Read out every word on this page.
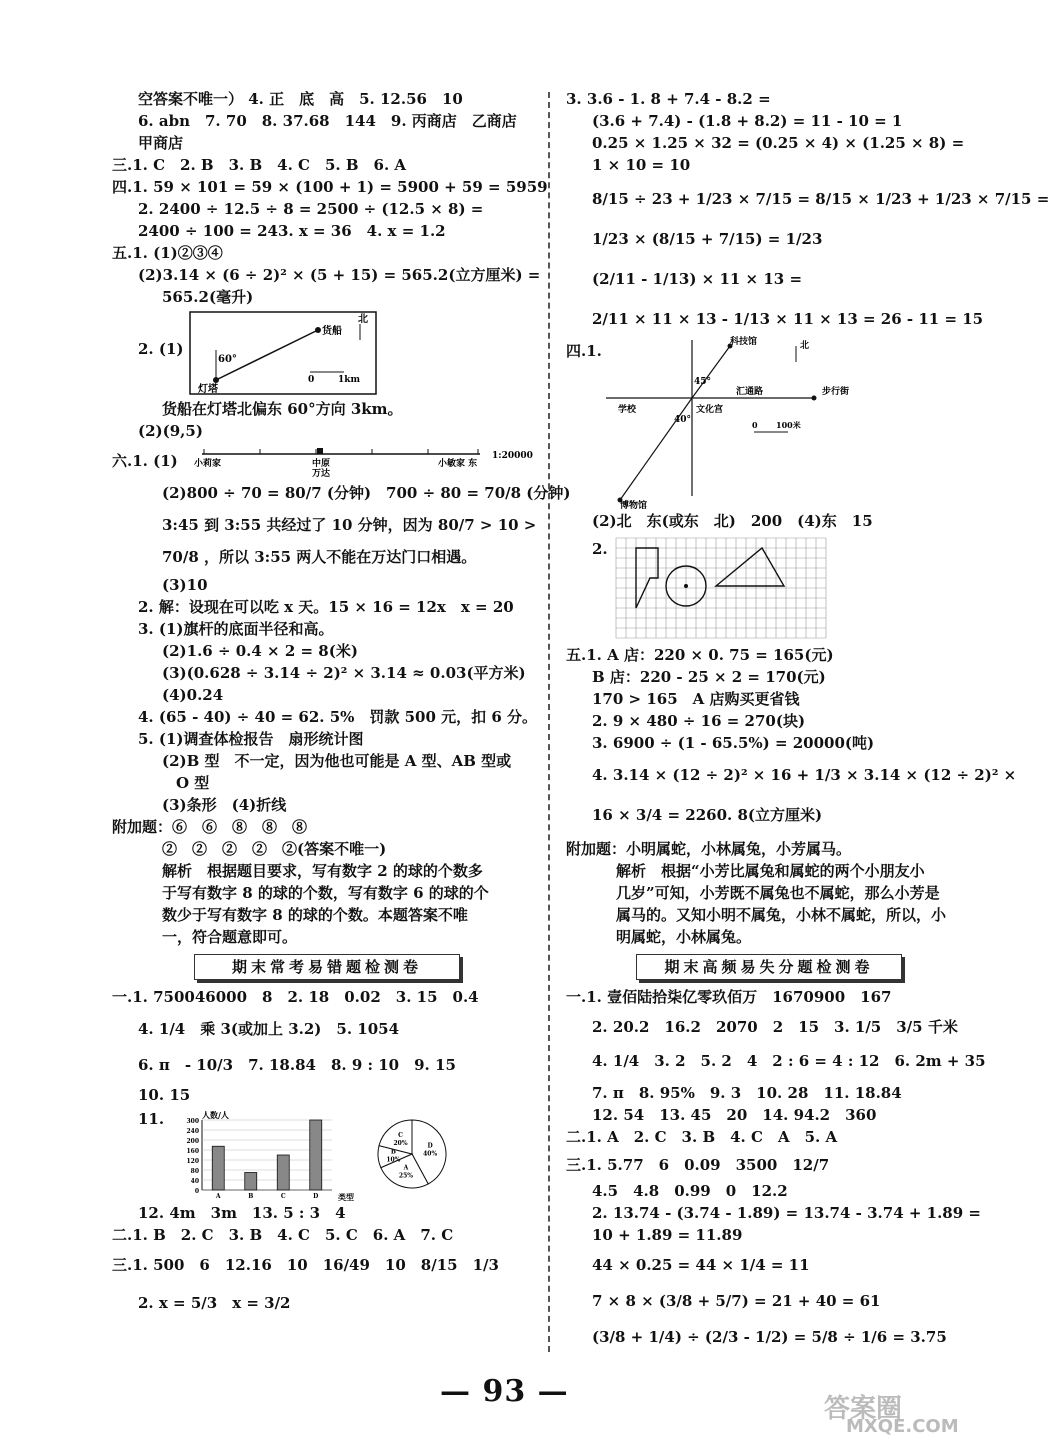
空答案不唯一） 4. 正　底　高　5. 12.56　10
6. abn　7. 70　8. 37.68　144　9. 丙商店　乙商店
甲商店
三.1. C　2. B　3. B　4. C　5. B　6. A
四.1. 59 × 101 = 59 × (100 + 1) = 5900 + 59 = 5959
2. 2400 ÷ 12.5 ÷ 8 = 2500 ÷ (12.5 × 8) =
2400 ÷ 100 = 243. x = 36　4. x = 1.2
五.1. (1)②③④
(2)3.14 × (6 ÷ 2)² × (5 + 15) = 565.2(立方厘米) =
565.2(毫升)
2. (1)
货船
北
60°
灯塔
0	1km
货船在灯塔北偏东 60°方向 3km。
(2)(9,5)
六.1. (1) 小莉家	中原
万达
小敏家 东
1:20000
(2)800 ÷ 70 = 80/7 (分钟)　700 ÷ 80 = 70/8 (分钟)
3:45 到 3:55 共经过了 10 分钟，因为 80/7 > 10 >
70/8 ，所以 3:55 两人不能在万达门口相遇。
(3)10
2. 解：设现在可以吃 x 天。15 × 16 = 12x　x = 20
3. (1)旗杆的底面半径和高。
(2)1.6 ÷ 0.4 × 2 = 8(米)
(3)(0.628 ÷ 3.14 ÷ 2)² × 3.14 ≈ 0.03(平方米)
(4)0.24
4. (65 - 40) ÷ 40 = 62. 5%　罚款 500 元，扣 6 分。
5. (1)调查体检报告　扇形统计图
(2)B 型　不一定，因为他也可能是 A 型、AB 型或
O 型
(3)条形　(4)折线
附加题：⑥　⑥　⑧　⑧　⑧
②　②　②　②　②(答案不唯一)
解析　根据题目要求，写有数字 2 的球的个数多
于写有数字 8 的球的个数，写有数字 6 的球的个
数少于写有数字 8 的球的个数。本题答案不唯
一，符合题意即可。
期末常考易错题检测卷
一.1. 750046000　8　2. 18　0.02　3. 15　0.4
4. 1/4　乘 3(或加上 3.2)　5. 1054
6. π　- 10/3　7. 18.84　8. 9 : 10　9. 15
10. 15
11.	人数/人
类型
0
40
80
120
160
200
240
300
A	B	C	D
D
40%
A
25%
B
10%
C
20%
12. 4m　3m　13. 5 : 3　4
二.1. B　2. C　3. B　4. C　5. C　6. A　7. C
三.1. 500　6　12.16　10　16/49　10　8/15　1/3
2. x = 5/3　x = 3/2
3. 3.6 - 1. 8 + 7.4 - 8.2 =
(3.6 + 7.4) - (1.8 + 8.2) = 11 - 10 = 1
0.25 × 1.25 × 32 = (0.25 × 4) × (1.25 × 8) =
1 × 10 = 10
8/15 ÷ 23 + 1/23 × 7/15 = 8/15 × 1/23 + 1/23 × 7/15 =
1/23 × (8/15 + 7/15) = 1/23
(2/11 - 1/13) × 11 × 13 =
2/11 × 11 × 13 - 1/13 × 11 × 13 = 26 - 11 = 15
四.1.	科技馆	北
汇通路	步行街
学校	文化宫
博物馆
45°
40°	0 100米
(2)北　东(或东　北)　200　(4)东　15
2.
五.1. A 店：220 × 0. 75 = 165(元)
B 店：220 - 25 × 2 = 170(元)
170 > 165　A 店购买更省钱
2. 9 × 480 ÷ 16 = 270(块)
3. 6900 ÷ (1 - 65.5%) = 20000(吨)
4. 3.14 × (12 ÷ 2)² × 16 + 1/3 × 3.14 × (12 ÷ 2)² ×
16 × 3/4 = 2260. 8(立方厘米)
附加题：小明属蛇，小林属兔，小芳属马。
解析　根据“小芳比属兔和属蛇的两个小朋友小
几岁”可知，小芳既不属兔也不属蛇，那么小芳是
属马的。又知小明不属兔，小林不属蛇，所以，小
明属蛇，小林属兔。
期末高频易失分题检测卷
一.1. 壹佰陆拾柒亿零玖佰万　1670900　167
2. 20.2　16.2　2070　2　15　3. 1/5　3/5 千米
4. 1/4　3. 2　5. 2　4　2 : 6 = 4 : 12　6. 2m + 35
7. π　8. 95%　9. 3　10. 28　11. 18.84
12. 54　13. 45　20　14. 94.2　360
二.1. A　2. C　3. B　4. C　A　5. A
三.1. 5.77　6　0.09　3500　12/7
4.5　4.8　0.99　0　12.2
2. 13.74 - (3.74 - 1.89) = 13.74 - 3.74 + 1.89 =
10 + 1.89 = 11.89
44 × 0.25 = 44 × 1/4 = 11
7 × 8 × (3/8 + 5/7) = 21 + 40 = 61
(3/8 + 1/4) ÷ (2/3 - 1/2) = 5/8 ÷ 1/6 = 3.75
— 93 —	答案圈
MXQE.COM
